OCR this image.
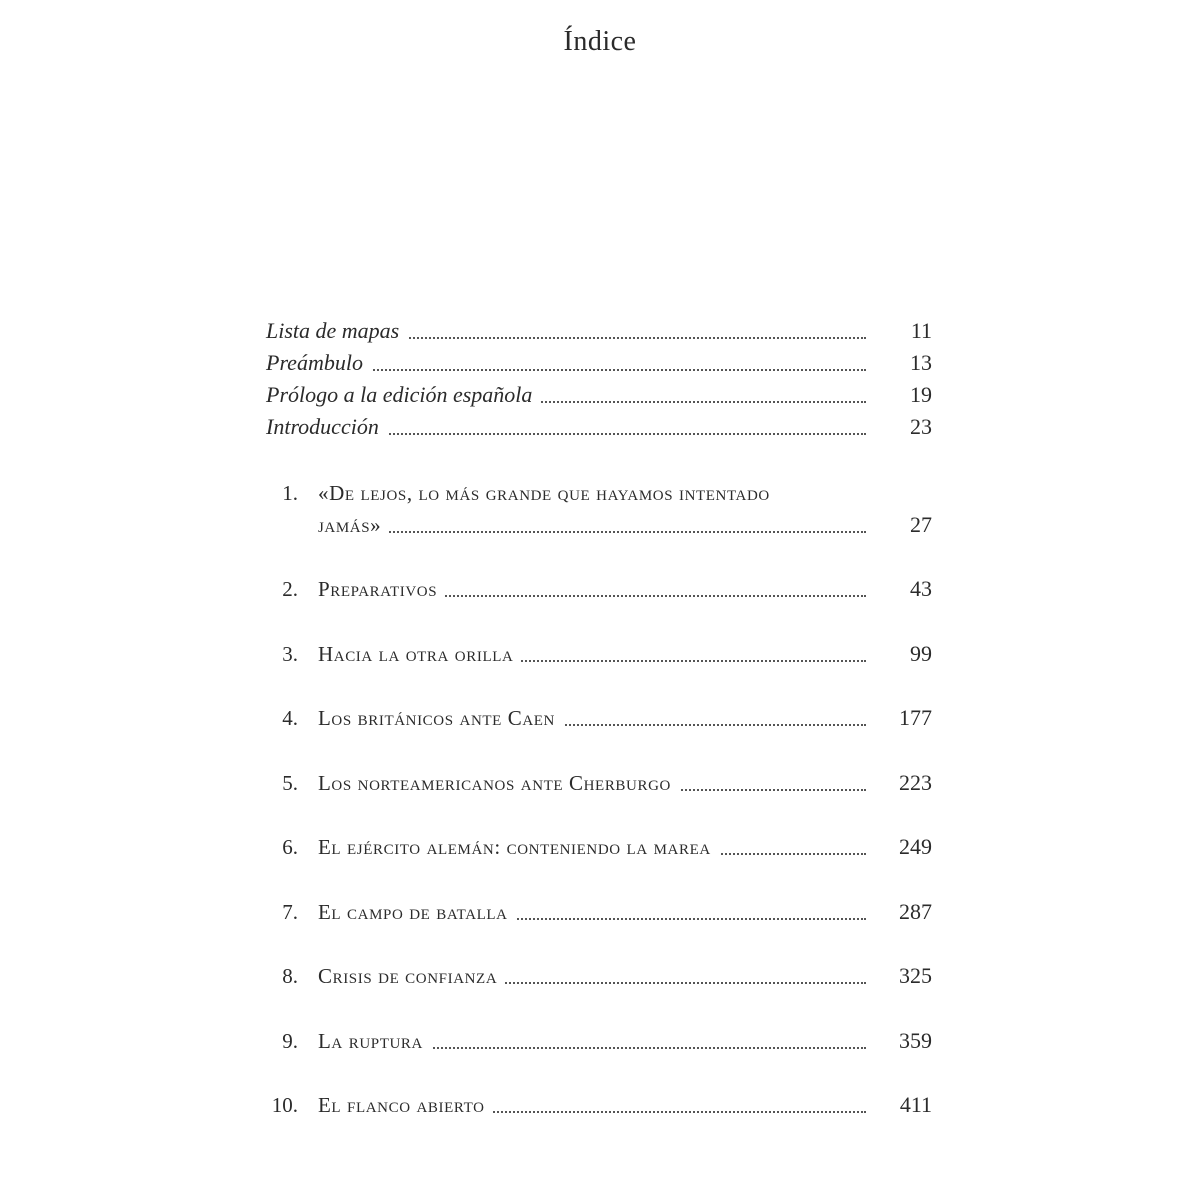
Índice
Lista de mapas	11
Preámbulo	13
Prólogo a la edición española	19
Introducción	23
1. «De lejos, lo más grande que hayamos intentado
jamás»	27
2. Preparativos	43
3. Hacia la otra orilla	99
4. Los británicos ante Caen	177
5. Los norteamericanos ante Cherburgo	223
6. El ejército alemán: conteniendo la marea	249
7. El campo de batalla	287
8. Crisis de confianza	325
9. La ruptura	359
10. El flanco abierto	411
